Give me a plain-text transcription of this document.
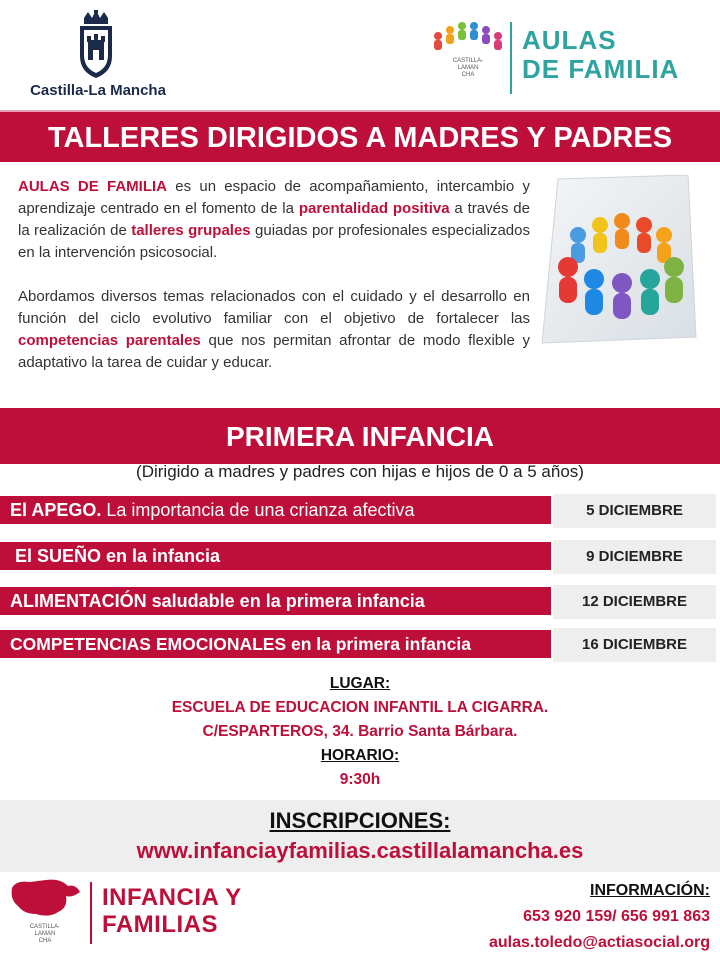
Castilla-La Mancha
CASTILLA-
LAMAN
CHA
AULAS
DE FAMILIA
TALLERES DIRIGIDOS A MADRES Y PADRES

AULAS DE FAMILIA es un espacio de acompañamiento, intercambio y aprendizaje centrado en el fomento de la parentalidad positiva a través de la realización de talleres grupales guiadas por profesionales especializados en la intervención psicosocial.

Abordamos diversos temas relacionados con el cuidado y el desarrollo en función del ciclo evolutivo familiar con el objetivo de fortalecer las competencias parentales que nos permitan afrontar de modo flexible y adaptativo la tarea de cuidar y educar.

PRIMERA INFANCIA
(Dirigido a madres y padres con hijas e hijos de 0 a 5 años)
El APEGO. La importancia de una crianza afectiva	5 DICIEMBRE
El SUEÑO en la infancia	9 DICIEMBRE
ALIMENTACIÓN saludable en la primera infancia	12 DICIEMBRE
COMPETENCIAS EMOCIONALES en la primera infancia	16 DICIEMBRE
LUGAR:
ESCUELA DE EDUCACION INFANTIL LA CIGARRA.
C/ESPARTEROS, 34. Barrio Santa Bárbara.
HORARIO:
9:30h
INSCRIPCIONES:
www.infanciayfamilias.castillalamancha.es
CASTILLA-
LAMAN
CHA
INFANCIA Y
FAMILIAS
INFORMACIÓN:
653 920 159/ 656 991 863
aulas.toledo@actiasocial.org
